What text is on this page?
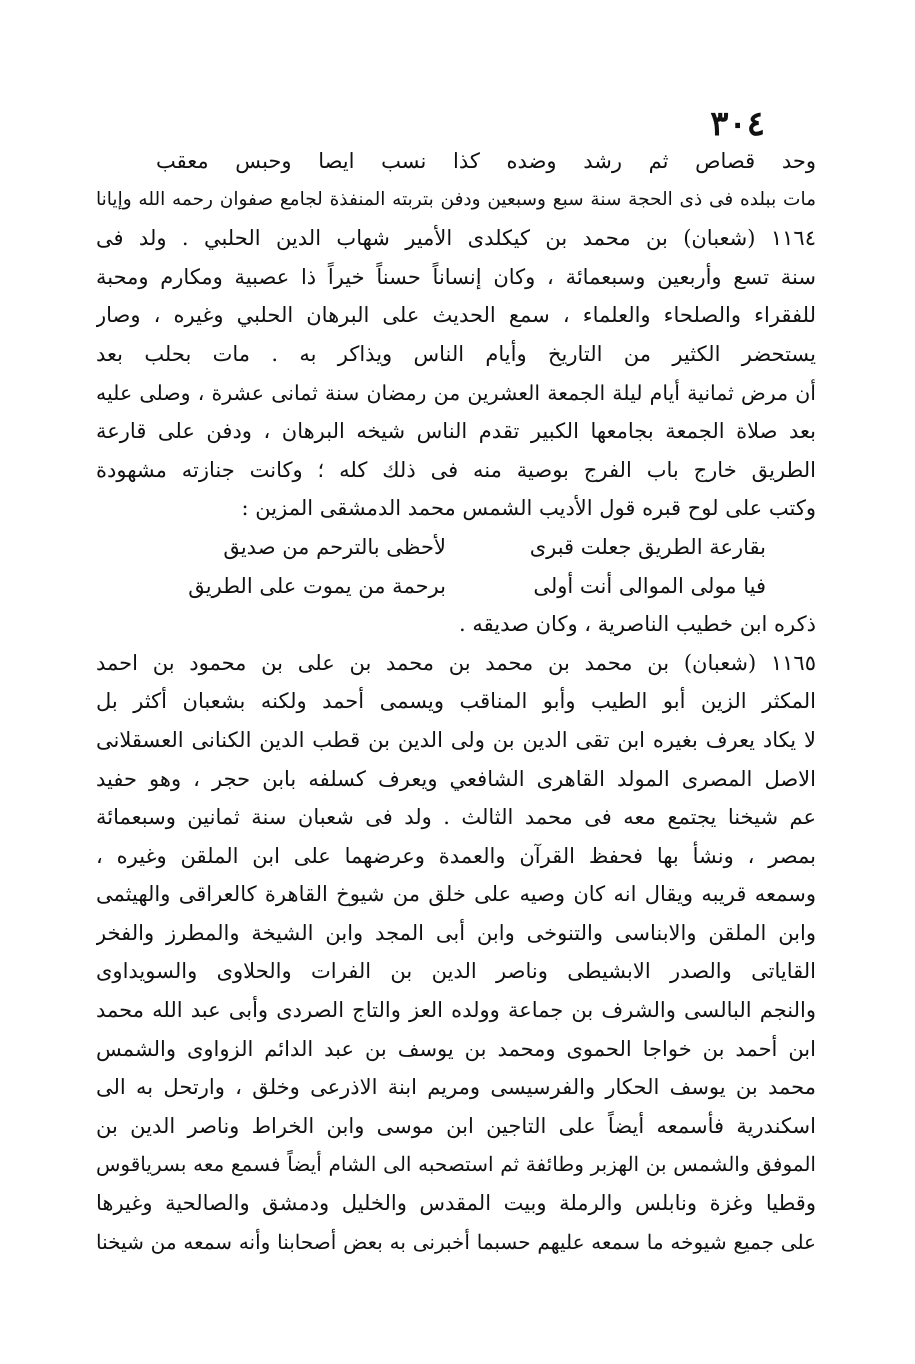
٣٠٤
وحد قصاص ثم رشد وضده كذا نسب ايصا وحبس معقب
مات ببلده فى ذى الحجة سنة سبع وسبعين ودفن بتربته المنفذة لجامع صفوان رحمه الله وإيانا
١١٦٤ (شعبان) بن محمد بن كيكلدى الأمير شهاب الدين الحلبي . ولد فى
سنة تسع وأربعين وسبعمائة ، وكان إنساناً حسناً خيراً ذا عصبية ومكارم ومحبة
للفقراء والصلحاء والعلماء ، سمع الحديث على البرهان الحلبي وغيره ، وصار
يستحضر الكثير من التاريخ وأيام الناس ويذاكر به . مات بحلب بعد
أن مرض ثمانية أيام ليلة الجمعة العشرين من رمضان سنة ثمانى عشرة ، وصلى عليه
بعد صلاة الجمعة بجامعها الكبير تقدم الناس شيخه البرهان ، ودفن على قارعة
الطريق خارج باب الفرج بوصية منه فى ذلك كله ؛ وكانت جنازته مشهودة
وكتب على لوح قبره قول الأديب الشمس محمد الدمشقى المزين :
بقارعة الطريق جعلت قبرى
لأحظى بالترحم من صديق
فيا مولى الموالى أنت أولى
برحمة من يموت على الطريق
ذكره ابن خطيب الناصرية ، وكان صديقه .
١١٦٥ (شعبان) بن محمد بن محمد بن محمد بن على بن محمود بن احمد
المكثر الزين أبو الطيب وأبو المناقب ويسمى أحمد ولكنه بشعبان أكثر بل
لا يكاد يعرف بغيره ابن تقى الدين بن ولى الدين بن قطب الدين الكنانى العسقلانى
الاصل المصرى المولد القاهرى الشافعي ويعرف كسلفه بابن حجر ، وهو حفيد
عم شيخنا يجتمع معه فى محمد الثالث . ولد فى شعبان سنة ثمانين وسبعمائة
بمصر ، ونشأ بها فحفظ القرآن والعمدة وعرضهما على ابن الملقن وغيره ،
وسمعه قريبه ويقال انه كان وصيه على خلق من شيوخ القاهرة كالعراقى والهيثمى
وابن الملقن والابناسى والتنوخى وابن أبى المجد وابن الشيخة والمطرز والفخر
القاياتى والصدر الابشيطى وناصر الدين بن الفرات والحلاوى والسويداوى
والنجم البالسى والشرف بن جماعة وولده العز والتاج الصردى وأبى عبد الله محمد
ابن أحمد بن خواجا الحموى ومحمد بن يوسف بن عبد الدائم الزواوى والشمس
محمد بن يوسف الحكار والفرسيسى ومريم ابنة الاذرعى وخلق ، وارتحل به الى
اسكندرية فأسمعه أيضاً على التاجين ابن موسى وابن الخراط وناصر الدين بن
الموفق والشمس بن الهزبر وطائفة ثم استصحبه الى الشام أيضاً فسمع معه بسرياقوس
وقطيا وغزة ونابلس والرملة وبيت المقدس والخليل ودمشق والصالحية وغيرها
على جميع شيوخه ما سمعه عليهم حسبما أخبرنى به بعض أصحابنا وأنه سمعه من شيخنا
